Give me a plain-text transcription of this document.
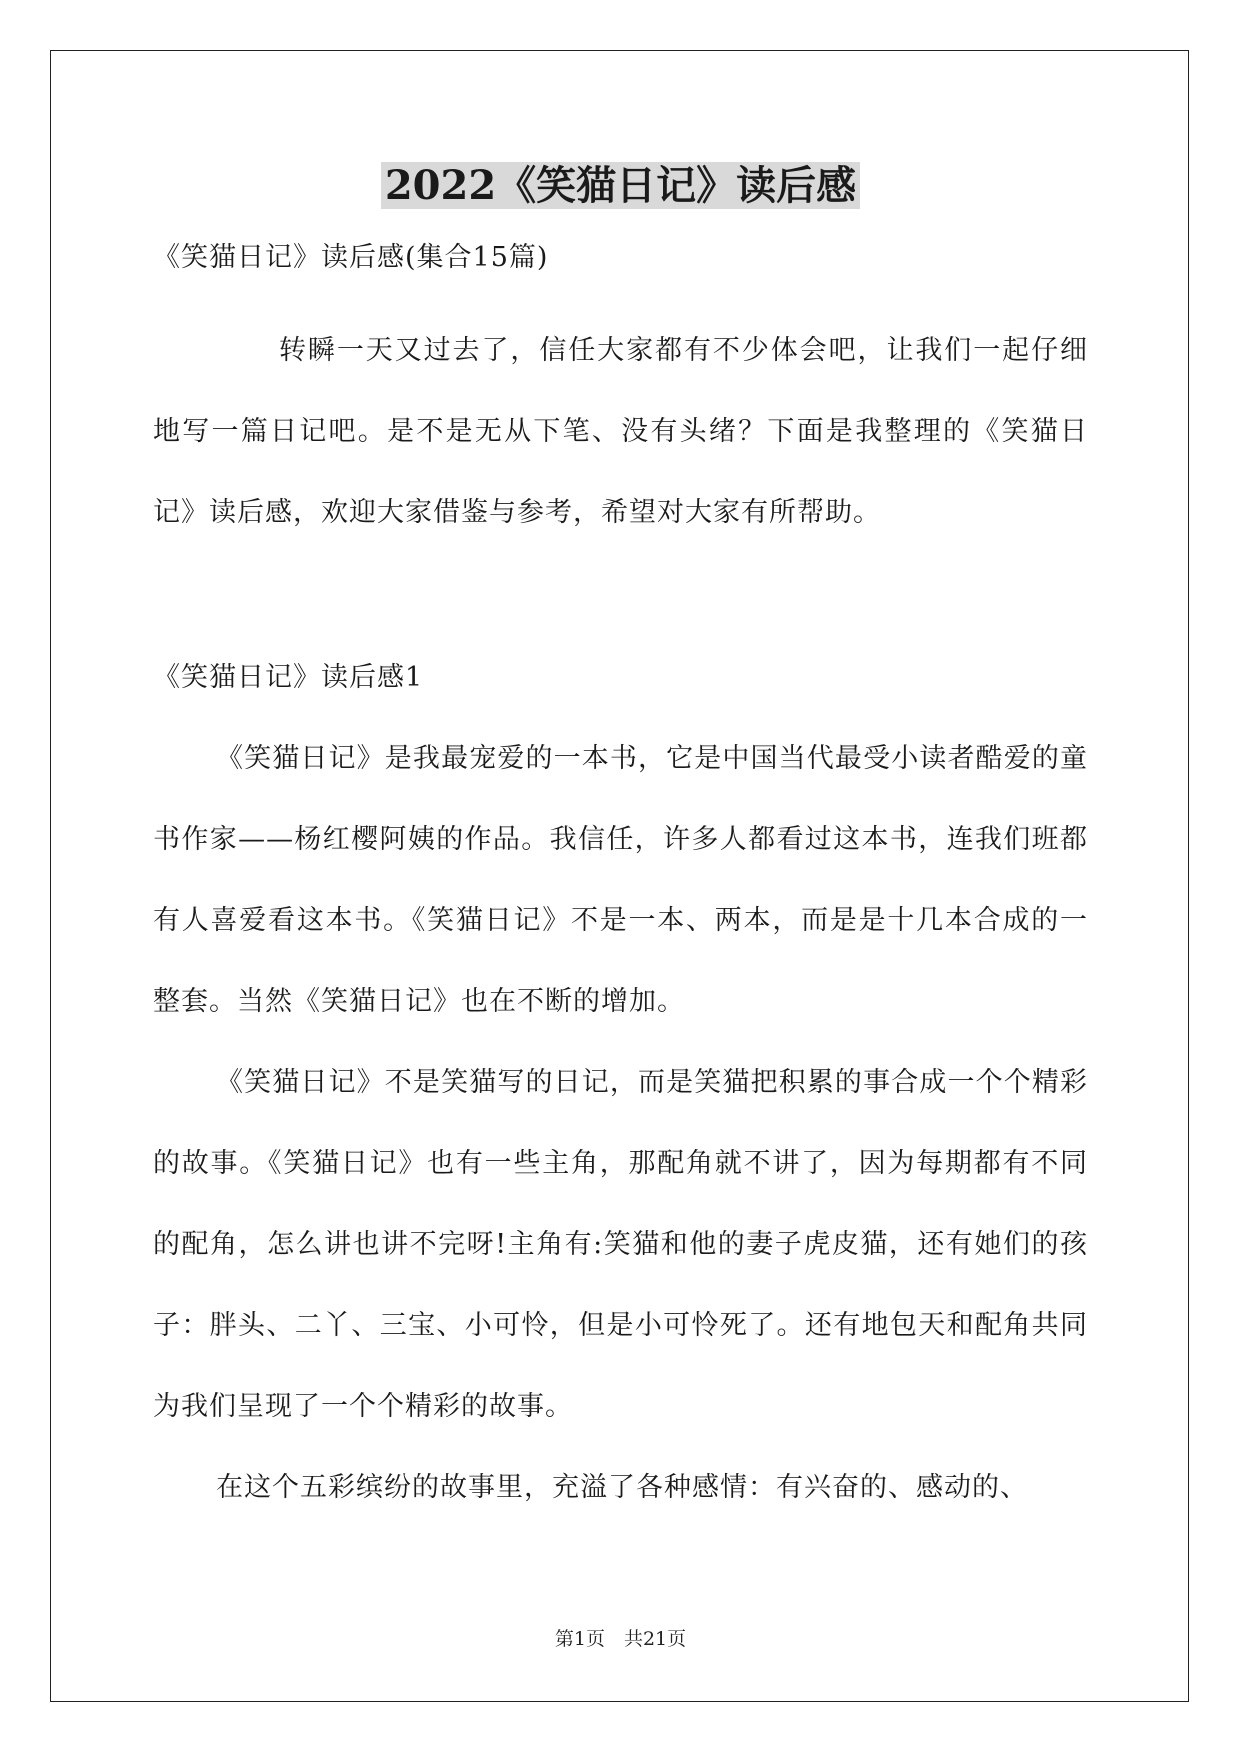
2022《笑猫日记》读后感

《笑猫日记》读后感(集合15篇)

转瞬一天又过去了，信任大家都有不少体会吧，让我们一起仔细地写一篇日记吧。是不是无从下笔、没有头绪？下面是我整理的《笑猫日记》读后感，欢迎大家借鉴与参考，希望对大家有所帮助。

《笑猫日记》读后感1

《笑猫日记》是我最宠爱的一本书，它是中国当代最受小读者酷爱的童书作家——杨红樱阿姨的作品。我信任，许多人都看过这本书，连我们班都有人喜爱看这本书。《笑猫日记》不是一本、两本，而是是十几本合成的一整套。当然《笑猫日记》也在不断的增加。

《笑猫日记》不是笑猫写的日记，而是笑猫把积累的事合成一个个精彩的故事。《笑猫日记》也有一些主角，那配角就不讲了，因为每期都有不同的配角，怎么讲也讲不完呀!主角有:笑猫和他的妻子虎皮猫，还有她们的孩子：胖头、二丫、三宝、小可怜，但是小可怜死了。还有地包天和配角共同为我们呈现了一个个精彩的故事。

在这个五彩缤纷的故事里，充溢了各种感情：有兴奋的、感动的、

第1页　共21页
